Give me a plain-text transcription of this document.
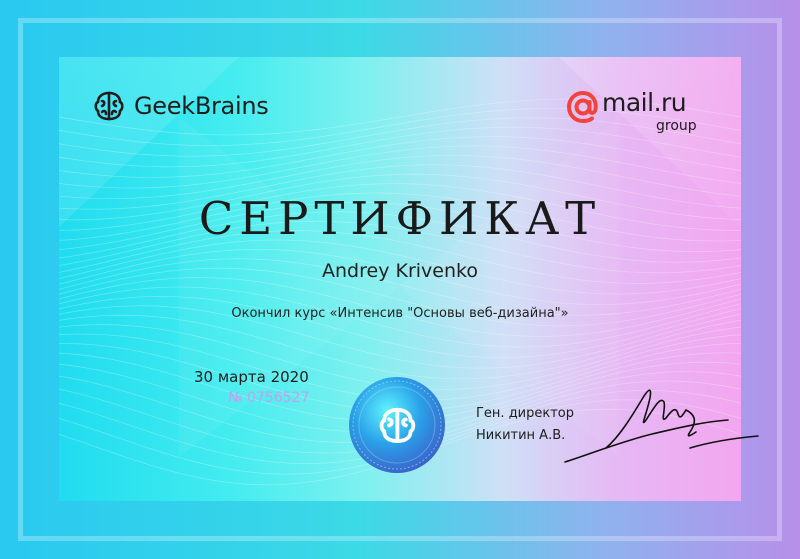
GeekBrains	mail.ru
group
СЕРТИФИКАТ
Andrey Krivenko
Окончил курс «Интенсив "Основы веб-дизайна"»
30 марта 2020
№ 0756527
Ген. директор
Никитин А.В.
